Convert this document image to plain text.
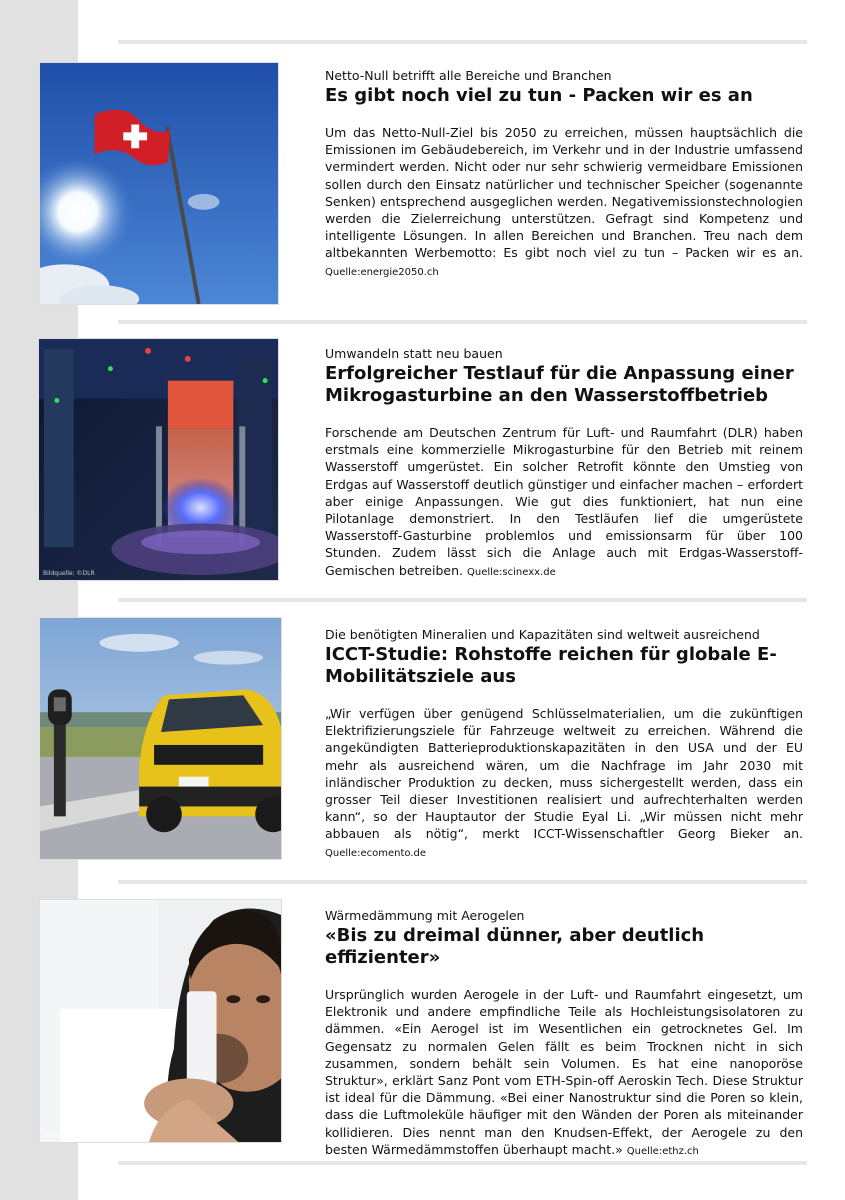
Netto-Null betrifft alle Bereiche und Branchen
Es gibt noch viel zu tun - Packen wir es an
Um das Netto-Null-Ziel bis 2050 zu erreichen, müssen hauptsächlich die Emissionen im Gebäudebereich, im Verkehr und in der Industrie umfassend vermindert werden. Nicht oder nur sehr schwierig vermeidbare Emissionen sollen durch den Einsatz natürlicher und technischer Speicher (sogenannte Senken) entsprechend ausgeglichen werden. Negativemissionstechnologien werden die Zielerreichung unterstützen. Gefragt sind Kompetenz und intelligente Lösungen. In allen Bereichen und Branchen. Treu nach dem altbekannten Werbemotto: Es gibt noch viel zu tun – Packen wir es an. Quelle:energie2050.ch
Bildquelle: ©DLR
Umwandeln statt neu bauen
Erfolgreicher Testlauf für die Anpassung einer Mikrogasturbine an den Wasserstoffbetrieb
Forschende am Deutschen Zentrum für Luft- und Raumfahrt (DLR) haben erstmals eine kommerzielle Mikrogasturbine für den Betrieb mit reinem Wasserstoff umgerüstet. Ein solcher Retrofit könnte den Umstieg von Erdgas auf Wasserstoff deutlich günstiger und einfacher machen – erfordert aber einige Anpassungen. Wie gut dies funktioniert, hat nun eine Pilotanlage demonstriert. In den Testläufen lief die umgerüstete Wasserstoff-Gasturbine problemlos und emissionsarm für über 100 Stunden. Zudem lässt sich die Anlage auch mit Erdgas-Wasserstoff-Gemischen betreiben. Quelle:scinexx.de
Die benötigten Mineralien und Kapazitäten sind weltweit ausreichend
ICCT-Studie: Rohstoffe reichen für globale E-Mobilitätsziele aus
„Wir verfügen über genügend Schlüsselmaterialien, um die zukünftigen Elektrifizierungsziele für Fahrzeuge weltweit zu erreichen. Während die angekündigten Batterieproduktionskapazitäten in den USA und der EU mehr als ausreichend wären, um die Nachfrage im Jahr 2030 mit inländischer Produktion zu decken, muss sichergestellt werden, dass ein grosser Teil dieser Investitionen realisiert und aufrechterhalten werden kann“, so der Hauptautor der Studie Eyal Li. „Wir müssen nicht mehr abbauen als nötig“, merkt ICCT-Wissenschaftler Georg Bieker an. Quelle:ecomento.de
Bildquelle: eth zürich
Wärmedämmung mit Aerogelen
«Bis zu dreimal dünner, aber deutlich effizienter»
Ursprünglich wurden Aerogele in der Luft- und Raumfahrt eingesetzt, um Elektronik und andere empfindliche Teile als Hochleistungsisolatoren zu dämmen. «Ein Aerogel ist im Wesentlichen ein getrocknetes Gel. Im Gegensatz zu normalen Gelen fällt es beim Trocknen nicht in sich zusammen, sondern behält sein Volumen. Es hat eine nanoporöse Struktur», erklärt Sanz Pont vom ETH-Spin-off Aeroskin Tech. Diese Struktur ist ideal für die Dämmung. «Bei einer Nanostruktur sind die Poren so klein, dass die Luftmoleküle häufiger mit den Wänden der Poren als miteinander kollidieren. Dies nennt man den Knudsen-Effekt, der Aerogele zu den besten Wärmedämmstoffen überhaupt macht.» Quelle:ethz.ch
